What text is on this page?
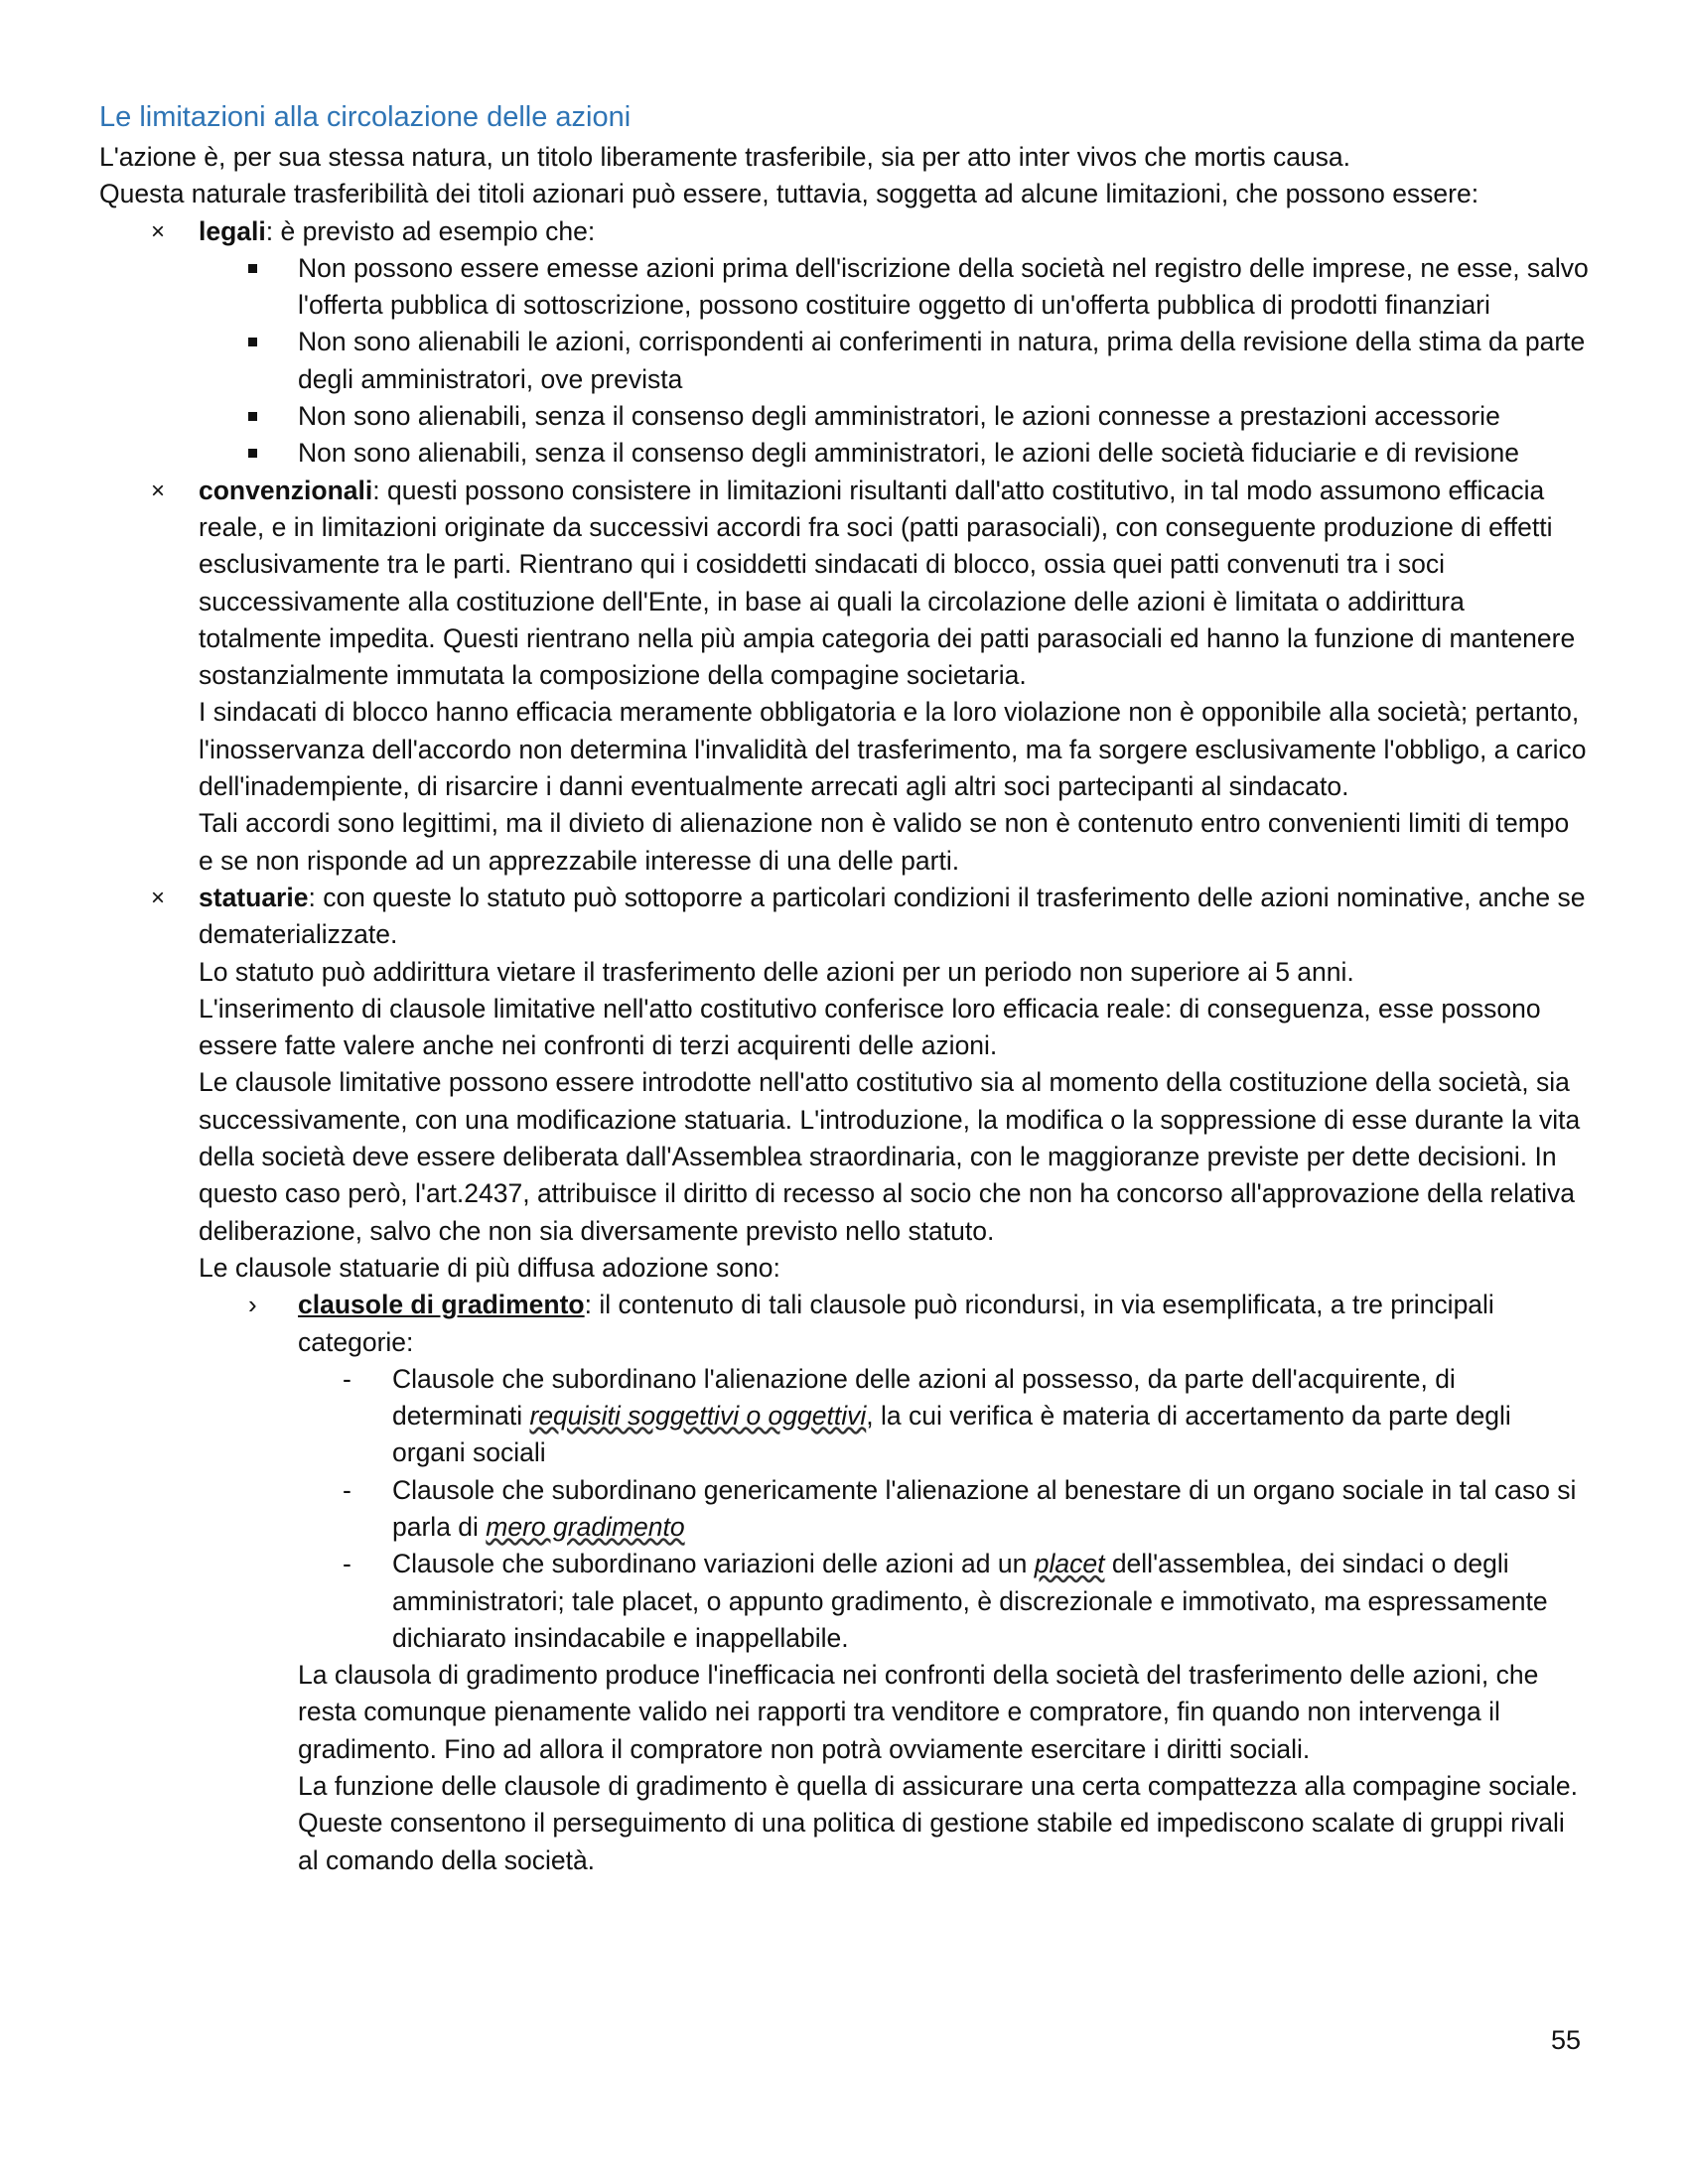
Le limitazioni alla circolazione delle azioni

L'azione è, per sua stessa natura, un titolo liberamente trasferibile, sia per atto inter vivos che mortis causa.

Questa naturale trasferibilità dei titoli azionari può essere, tuttavia, soggetta ad alcune limitazioni, che possono essere:

× legali: è previsto ad esempio che:
Non possono essere emesse azioni prima dell'iscrizione della società nel registro delle imprese, ne esse, salvo l'offerta pubblica di sottoscrizione, possono costituire oggetto di un'offerta pubblica di prodotti finanziari
Non sono alienabili le azioni, corrispondenti ai conferimenti in natura, prima della revisione della stima da parte degli amministratori, ove prevista
Non sono alienabili, senza il consenso degli amministratori, le azioni connesse a prestazioni accessorie
Non sono alienabili, senza il consenso degli amministratori, le azioni delle società fiduciarie e di revisione
× convenzionali: questi possono consistere in limitazioni risultanti dall'atto costitutivo, in tal modo assumono efficacia reale, e in limitazioni originate da successivi accordi fra soci (patti parasociali), con conseguente produzione di effetti esclusivamente tra le parti. Rientrano qui i cosiddetti sindacati di blocco, ossia quei patti convenuti tra i soci successivamente alla costituzione dell'Ente, in base ai quali la circolazione delle azioni è limitata o addirittura totalmente impedita. Questi rientrano nella più ampia categoria dei patti parasociali ed hanno la funzione di mantenere sostanzialmente immutata la composizione della compagine societaria.

I sindacati di blocco hanno efficacia meramente obbligatoria e la loro violazione non è opponibile alla società; pertanto, l'inosservanza dell'accordo non determina l'invalidità del trasferimento, ma fa sorgere esclusivamente l'obbligo, a carico dell'inadempiente, di risarcire i danni eventualmente arrecati agli altri soci partecipanti al sindacato.

Tali accordi sono legittimi, ma il divieto di alienazione non è valido se non è contenuto entro convenienti limiti di tempo e se non risponde ad un apprezzabile interesse di una delle parti.

× statuarie: con queste lo statuto può sottoporre a particolari condizioni il trasferimento delle azioni nominative, anche se dematerializzate.

Lo statuto può addirittura vietare il trasferimento delle azioni per un periodo non superiore ai 5 anni.

L'inserimento di clausole limitative nell'atto costitutivo conferisce loro efficacia reale: di conseguenza, esse possono essere fatte valere anche nei confronti di terzi acquirenti delle azioni.

Le clausole limitative possono essere introdotte nell'atto costitutivo sia al momento della costituzione della società, sia successivamente, con una modificazione statuaria. L'introduzione, la modifica o la soppressione di esse durante la vita della società deve essere deliberata dall'Assemblea straordinaria, con le maggioranze previste per dette decisioni. In questo caso però, l'art.2437, attribuisce il diritto di recesso al socio che non ha concorso all'approvazione della relativa deliberazione, salvo che non sia diversamente previsto nello statuto.

Le clausole statuarie di più diffusa adozione sono:

› clausole di gradimento: il contenuto di tali clausole può ricondursi, in via esemplificata, a tre principali categorie:
- Clausole che subordinano l'alienazione delle azioni al possesso, da parte dell'acquirente, di determinati requisiti soggettivi o oggettivi, la cui verifica è materia di accertamento da parte degli organi sociali
- Clausole che subordinano genericamente l'alienazione al benestare di un organo sociale in tal caso si parla di mero gradimento
- Clausole che subordinano variazioni delle azioni ad un placet dell'assemblea, dei sindaci o degli amministratori; tale placet, o appunto gradimento, è discrezionale e immotivato, ma espressamente dichiarato insindacabile e inappellabile.

La clausola di gradimento produce l'inefficacia nei confronti della società del trasferimento delle azioni, che resta comunque pienamente valido nei rapporti tra venditore e compratore, fin quando non intervenga il gradimento. Fino ad allora il compratore non potrà ovviamente esercitare i diritti sociali.

La funzione delle clausole di gradimento è quella di assicurare una certa compattezza alla compagine sociale.

Queste consentono il perseguimento di una politica di gestione stabile ed impediscono scalate di gruppi rivali al comando della società.

55
